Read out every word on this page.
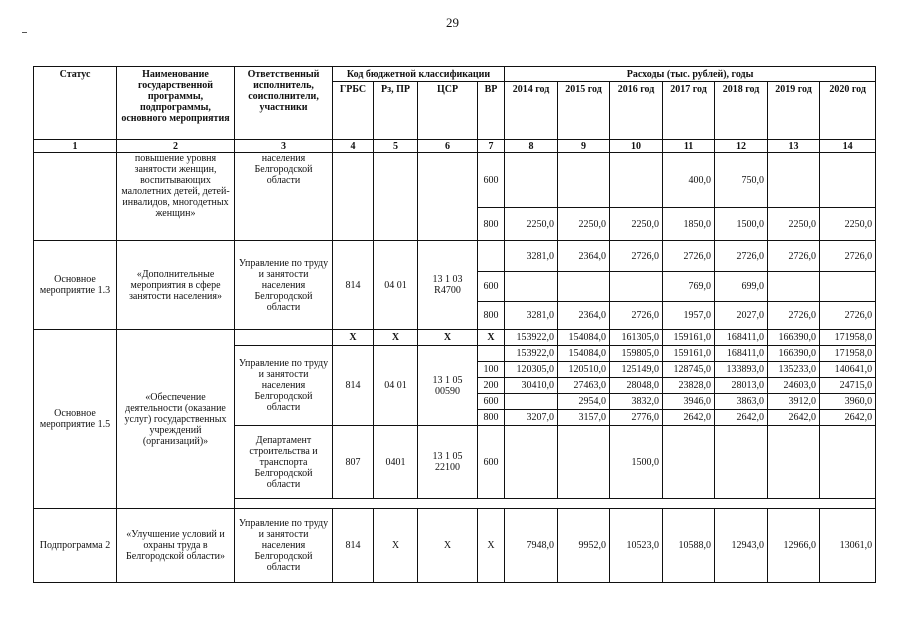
29
Статус	Наименование государственной программы, подпрограммы, основного мероприятия	Ответственный исполнитель, соисполнители, участники	Код бюджетной классификации				Расходы (тыс. рублей), годы						
			ГРБС	Рз, ПР	ЦСР	ВР	2014 год	2015 год	2016 год	2017 год	2018 год	2019 год	2020 год
1	2	3	4	5	6	7	8	9	10	11	12	13	14
	повышение уровня занятости женщин, воспитывающих малолетних детей, детей-инвалидов, многодетных женщин»	населения Белгородской области				600				400,0	750,0		
						800	2250,0	2250,0	2250,0	1850,0	1500,0	2250,0	2250,0
Основное мероприятие 1.3	«Дополнительные мероприятия в сфере занятости населения»	Управление по труду и занятости населения Белгородской области	814	04 01	13 1 03 R4700		3281,0	2364,0	2726,0	2726,0	2726,0	2726,0	2726,0
						600				769,0	699,0		
						800	3281,0	2364,0	2726,0	1957,0	2027,0	2726,0	2726,0
Основное мероприятие 1.5	«Обеспечение деятельности (оказание услуг) государственных учреждений (организаций)»		Х	Х	Х	Х	153922,0	154084,0	161305,0	159161,0	168411,0	166390,0	171958,0
		Управление по труду и занятости населения Белгородской области	814	04 01	13 1 05 00590		153922,0	154084,0	159805,0	159161,0	168411,0	166390,0	171958,0
						100	120305,0	120510,0	125149,0	128745,0	133893,0	135233,0	140641,0
						200	30410,0	27463,0	28048,0	23828,0	28013,0	24603,0	24715,0
						600		2954,0	3832,0	3946,0	3863,0	3912,0	3960,0
						800	3207,0	3157,0	2776,0	2642,0	2642,0	2642,0	2642,0
		Департамент строительства и транспорта Белгородской области	807	0401	13 1 05 22100	600			1500,0				

Подпрограмма 2	«Улучшение условий и охраны труда в Белгородской области»	Управление по труду и занятости населения Белгородской области	814	Х	Х	Х	7948,0	9952,0	10523,0	10588,0	12943,0	12966,0	13061,0
